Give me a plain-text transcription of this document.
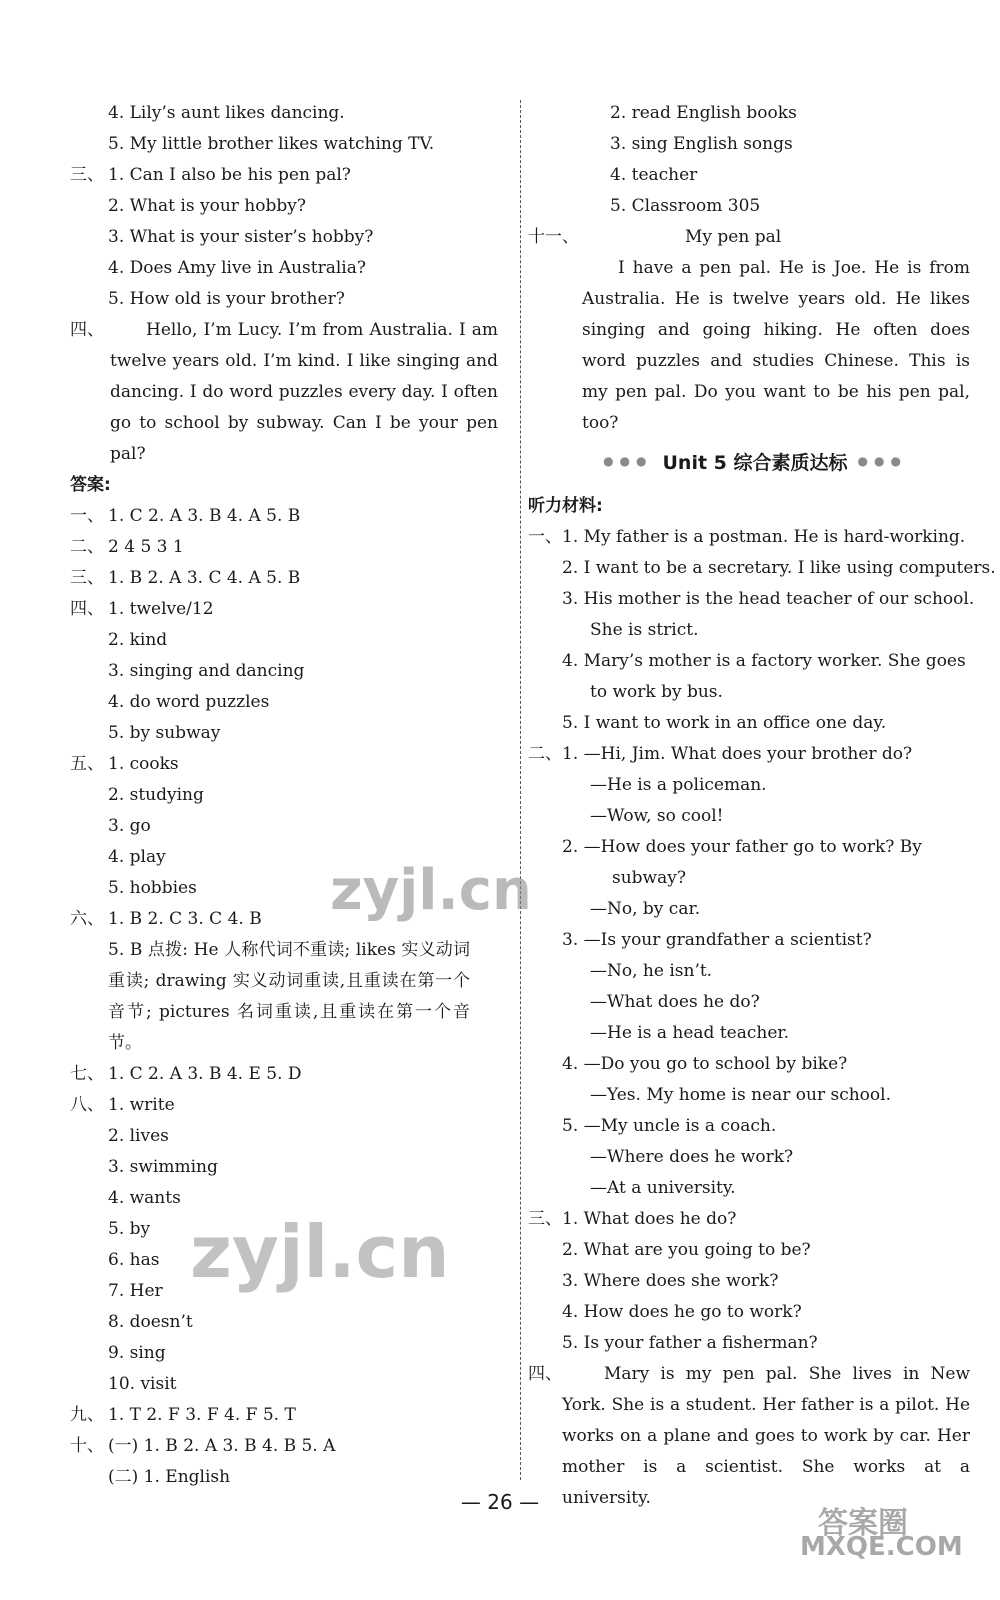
4. Lily’s aunt likes dancing.
5. My little brother likes watching TV.
三、 1. Can I also be his pen pal?
2. What is your hobby?
3. What is your sister’s hobby?
4. Does Amy live in Australia?
5. How old is your brother?
四、	Hello, I’m Lucy. I’m from Australia. I am twelve years old. I’m kind. I like singing and dancing. I do word puzzles every day. I often go to school by subway. Can I be your pen pal?
答案:
一、 1. C 2. A 3. B 4. A 5. B
二、 2 4 5 3 1
三、 1. B 2. A 3. C 4. A 5. B
四、 1. twelve/12
2. kind
3. singing and dancing
4. do word puzzles
5. by subway
五、 1. cooks
2. studying
3. go
4. play
5. hobbies
六、 1. B 2. C 3. C 4. B
5. B 点拨: He 人称代词不重读; likes 实义动词重读; drawing 实义动词重读,且重读在第一个音节; pictures 名词重读,且重读在第一个音节。
七、 1. C 2. A 3. B 4. E 5. D
八、 1. write
2. lives
3. swimming
4. wants
5. by
6. has
7. Her
8. doesn’t
9. sing
10. visit
九、 1. T 2. F 3. F 4. F 5. T
十、 (一) 1. B 2. A 3. B 4. B 5. A
(二) 1. English
2. read English books
3. sing English songs
4. teacher
5. Classroom 305
十一、	My pen pal
I have a pen pal. He is Joe. He is from Australia. He is twelve years old. He likes singing and going hiking. He often does word puzzles and studies Chinese. This is my pen pal. Do you want to be his pen pal, too?
●●● Unit 5 综合素质达标 ●●●
听力材料:
一、 1. My father is a postman. He is hard-working.
2. I want to be a secretary. I like using computers.
3. His mother is the head teacher of our school.
She is strict.
4. Mary’s mother is a factory worker. She goes
to work by bus.
5. I want to work in an office one day.
二、 1. —Hi, Jim. What does your brother do?
—He is a policeman.
—Wow, so cool!
2. —How does your father go to work? By
subway?
—No, by car.
3. —Is your grandfather a scientist?
—No, he isn’t.
—What does he do?
—He is a head teacher.
4. —Do you go to school by bike?
—Yes. My home is near our school.
5. —My uncle is a coach.
—Where does he work?
—At a university.
三、 1. What does he do?
2. What are you going to be?
3. Where does she work?
4. How does he go to work?
5. Is your father a fisherman?
四、	Mary is my pen pal. She lives in New York. She is a student. Her father is a pilot. He works on a plane and goes to work by car. Her mother is a scientist. She works at a university.
— 26 —
zyjl.cn
zyjl.cn
答案圈
MXQE.COM
